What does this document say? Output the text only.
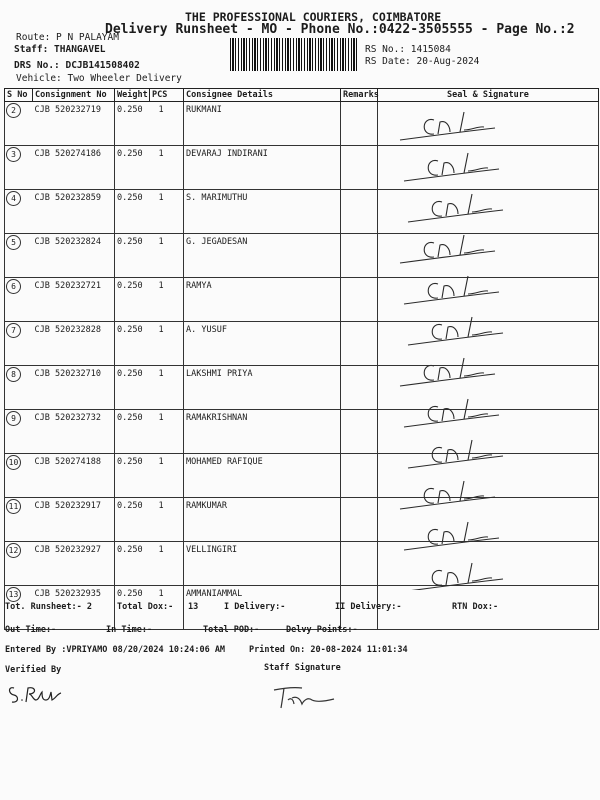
THE PROFESSIONAL COURIERS, COIMBATORE
Delivery Runsheet - MO - Phone No.:0422-3505555 - Page No.:2
Route: P N PALAYAM
Staff: THANGAVEL
DRS No.: DCJB141508402
Vehicle: Two Wheeler Delivery
RS No.: 1415084
RS Date: 20-Aug-2024
S No	Consignment No	Weight	PCS	Consignee Details	Remarks	Seal & Signature
2	CJB 520232719	0.250	1	RUKMANI		
3	CJB 520274186	0.250	1	DEVARAJ INDIRANI		
4	CJB 520232859	0.250	1	S. MARIMUTHU		
5	CJB 520232824	0.250	1	G. JEGADESAN		
6	CJB 520232721	0.250	1	RAMYA		
7	CJB 520232828	0.250	1	A. YUSUF		
8	CJB 520232710	0.250	1	LAKSHMI PRIYA		
9	CJB 520232732	0.250	1	RAMAKRISHNAN		
10	CJB 520274188	0.250	1	MOHAMED RAFIQUE		
11	CJB 520232917	0.250	1	RAMKUMAR		
12	CJB 520232927	0.250	1	VELLINGIRI		
13	CJB 520232935	0.250	1	AMMANIAMMAL		
Tot. Runsheet:- 2	Total Dox:- 13	I Delivery:-	II Delivery:-	RTN Dox:-
Out Time:-	In Time:-	Total POD:-	Delvy Points:-
Entered By :VPRIYAMO 08/20/2024 10:24:06 AM	Printed On: 20-08-2024 11:01:34
Verified By	Staff Signature
